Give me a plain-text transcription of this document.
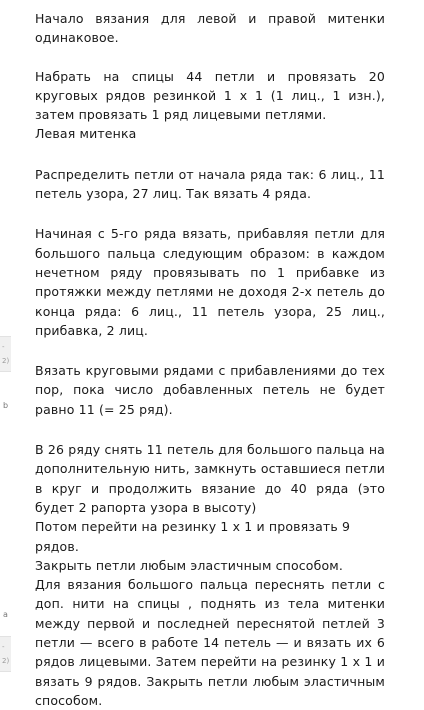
-
2)
b
a
-
2)

Начало вязания для левой и правой митенки одинаковое.

Набрать на спицы 44 петли и провязать 20 круговых рядов резинкой 1 x 1 (1 лиц., 1 изн.), затем провязать 1 ряд лицевыми петлями.

Левая митенка

Распределить петли от начала ряда так: 6 лиц., 11 петель узора, 27 лиц. Так вязать 4 ряда.

Начиная с 5-го ряда вязать, прибавляя петли для большого пальца следующим образом: в каждом нечетном ряду провязывать по 1 прибавке из протяжки между петлями не доходя 2-х петель до конца ряда: 6 лиц., 11 петель узора, 25 лиц., прибавка, 2 лиц.

Вязать круговыми рядами с прибавлениями до тех пор, пока число добавленных петель не будет равно 11 (= 25 ряд).

В 26 ряду снять 11 петель для большого пальца на дополнительную нить, замкнуть оставшиеся петли в круг и продолжить вязание до 40 ряда (это будет 2 рапорта узора в высоту)

Потом перейти на резинку 1 x 1 и провязать 9 рядов.

Закрыть петли любым эластичным способом.

Для вязания большого пальца переснять петли с доп. нити на спицы , поднять из тела митенки между первой и последней переснятой петлей 3 петли — всего в работе 14 петель — и вязать их 6 рядов лицевыми. Затем перейти на резинку 1 x 1 и вязать 9 рядов. Закрыть петли любым эластичным способом.
